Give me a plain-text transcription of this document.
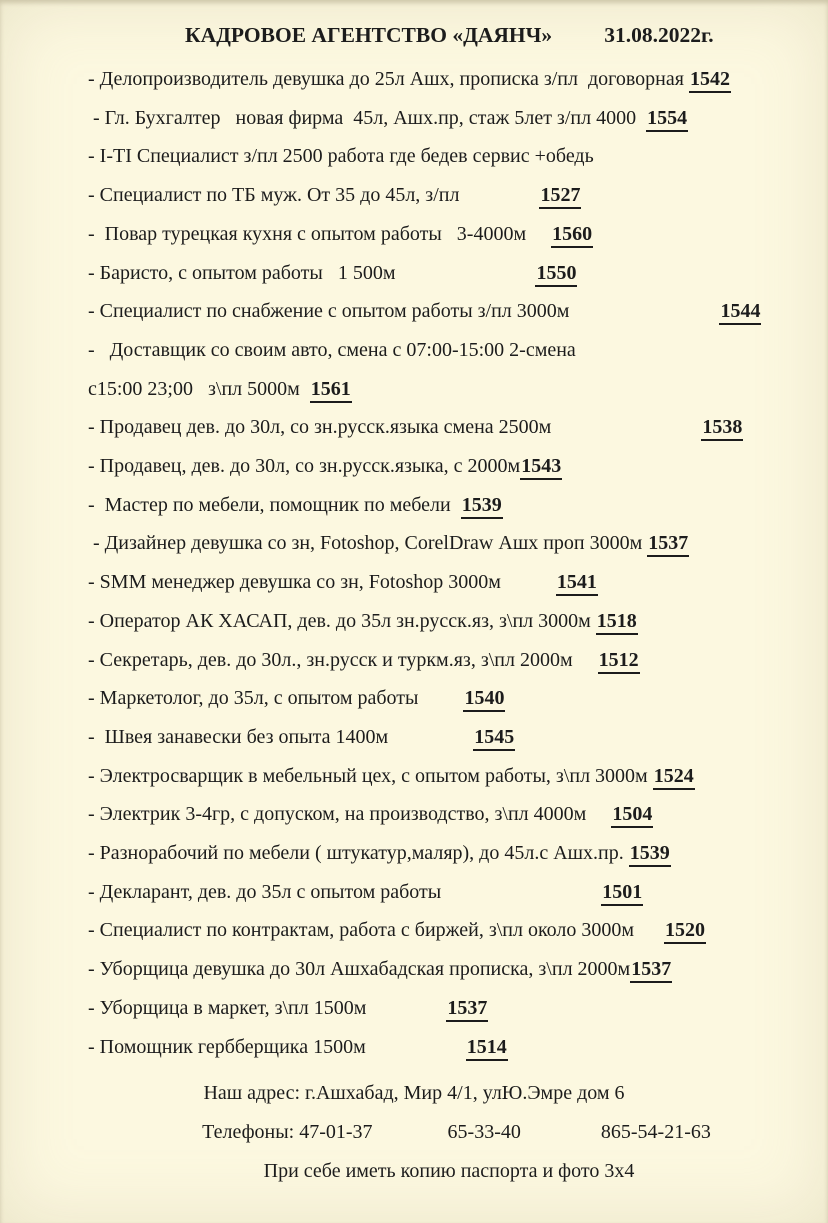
КАДРОВОЕ АГЕНТСТВО «ДАЯНЧ» 31.08.2022г.
- Делопроизводитель девушка до 25л Ашх, прописка з/пл  договорная 1542
- Гл. Бухгалтер   новая фирма  45л, Ашх.пр, стаж 5лет з/пл 4000  1554
- I-TI Специалист з/пл 2500 работа где бедев сервис +обедь
- Специалист по ТБ муж. От 35 до 45л, з/пл                1527
-  Повар турецкая кухня с опытом работы   3-4000м     1560
- Баристо, с опытом работы   1 500м                            1550
- Специалист по снабжение с опытом работы з/пл 3000м                              1544
-   Доставщик со своим авто, смена с 07:00-15:00 2-смена
с15:00 23;00   з\пл 5000м  1561
- Продавец дев. до 30л, со зн.русск.языка смена 2500м                              1538
- Продавец, дев. до 30л, со зн.русск.языка, с 2000м1543
-  Мастер по мебели, помощник по мебели  1539
- Дизайнер девушка со зн, Fotoshop, CorelDraw Ашх проп 3000м 1537
- SMM менеджер девушка со зн, Fotoshop 3000м           1541
- Оператор АК ХАСАП, дев. до 35л зн.русск.яз, з\пл 3000м 1518
- Секретарь, дев. до 30л., зн.русск и туркм.яз, з\пл 2000м     1512
- Маркетолог, до 35л, с опытом работы         1540
-  Швея занавески без опыта 1400м                 1545
- Электросварщик в мебельный цех, с опытом работы, з\пл 3000м 1524
- Электрик 3-4гр, с допуском, на производство, з\пл 4000м     1504
- Разнорабочий по мебели ( штукатур,маляр), до 45л.с Ашх.пр. 1539
- Декларант, дев. до 35л с опытом работы                                1501
- Специалист по контрактам, работа с биржей, з\пл около 3000м      1520
- Уборщица девушка до 30л Ашхабадская прописка, з\пл 2000м1537
- Уборщица в маркет, з\пл 1500м                1537
- Помощник гербберщика 1500м                    1514
Наш адрес: г.Ашхабад, Мир 4/1, улЮ.Эмре дом 6
Телефоны: 47-01-37               65-33-40                865-54-21-63
При себе иметь копию паспорта и фото 3х4
